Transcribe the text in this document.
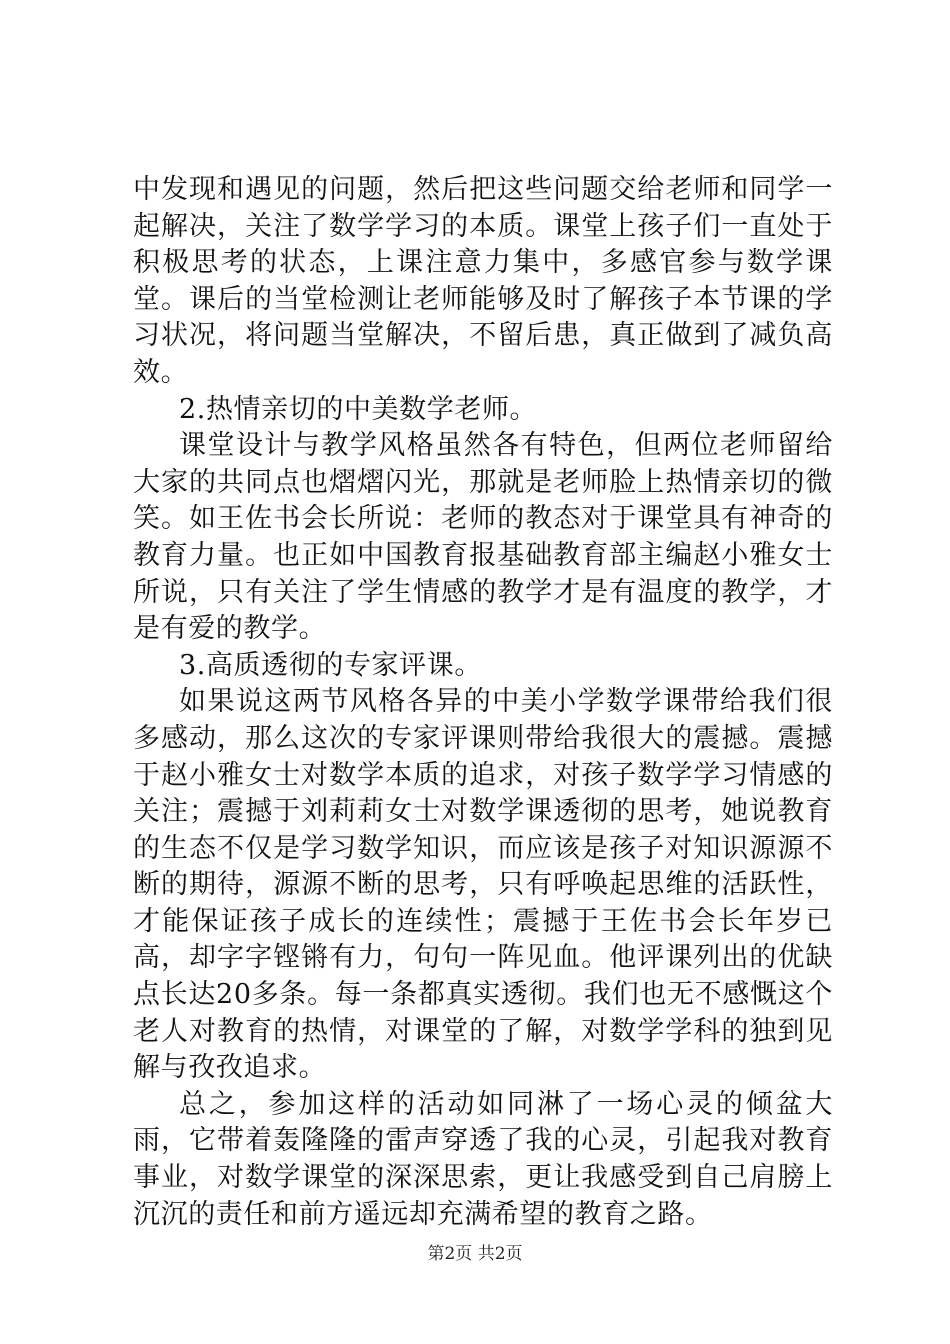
中发现和遇见的问题，然后把这些问题交给老师和同学一起解决，关注了数学学习的本质。课堂上孩子们一直处于积极思考的状态，上课注意力集中，多感官参与数学课堂。课后的当堂检测让老师能够及时了解孩子本节课的学习状况，将问题当堂解决，不留后患，真正做到了减负高效。

2.热情亲切的中美数学老师。

课堂设计与教学风格虽然各有特色，但两位老师留给大家的共同点也熠熠闪光，那就是老师脸上热情亲切的微笑。如王佐书会长所说：老师的教态对于课堂具有神奇的教育力量。也正如中国教育报基础教育部主编赵小雅女士所说，只有关注了学生情感的教学才是有温度的教学，才是有爱的教学。

3.高质透彻的专家评课。

如果说这两节风格各异的中美小学数学课带给我们很多感动，那么这次的专家评课则带给我很大的震撼。震撼于赵小雅女士对数学本质的追求，对孩子数学学习情感的关注；震撼于刘莉莉女士对数学课透彻的思考，她说教育的生态不仅是学习数学知识，而应该是孩子对知识源源不断的期待，源源不断的思考，只有呼唤起思维的活跃性，才能保证孩子成长的连续性；震撼于王佐书会长年岁已高，却字字铿锵有力，句句一阵见血。他评课列出的优缺点长达20多条。每一条都真实透彻。我们也无不感慨这个老人对教育的热情，对课堂的了解，对数学学科的独到见解与孜孜追求。

总之，参加这样的活动如同淋了一场心灵的倾盆大雨，它带着轰隆隆的雷声穿透了我的心灵，引起我对教育事业，对数学课堂的深深思索，更让我感受到自己肩膀上沉沉的责任和前方遥远却充满希望的教育之路。

第2页 共2页
